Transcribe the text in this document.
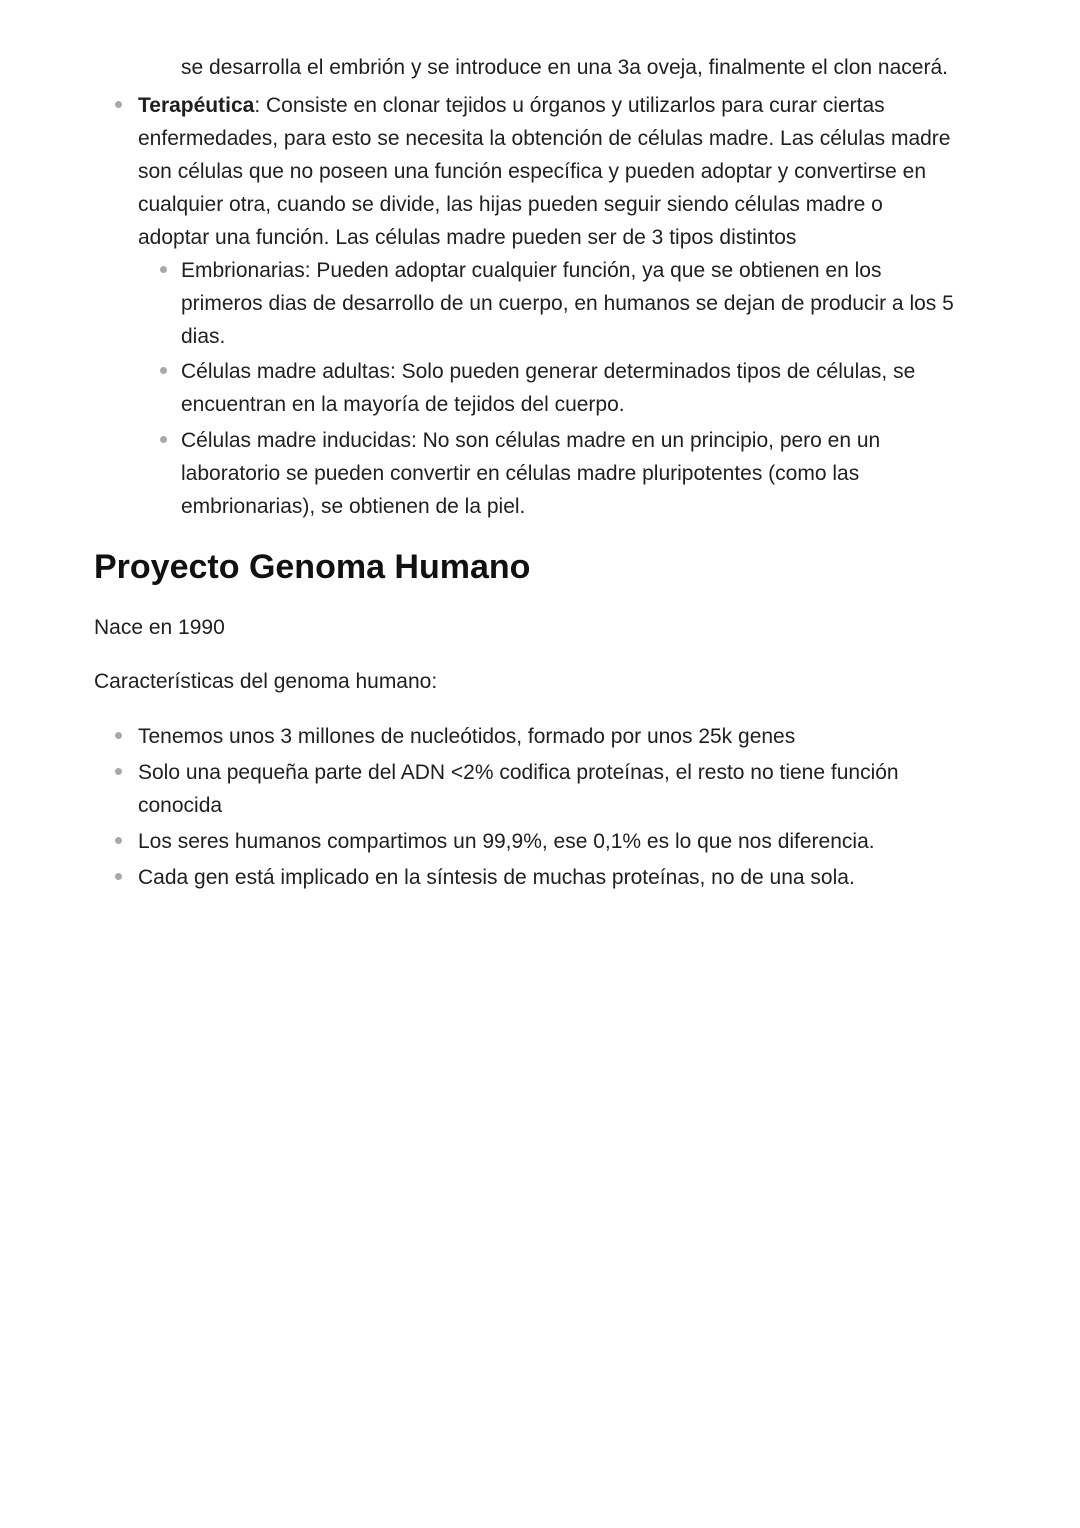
se desarrolla el embrión y se introduce en una 3a oveja, finalmente el clon nacerá.

Terapéutica: Consiste en clonar tejidos u órganos y utilizarlos para curar ciertas

enfermedades, para esto se necesita la obtención de células madre. Las células madre

son células que no poseen una función específica y pueden adoptar y convertirse en

cualquier otra, cuando se divide, las hijas pueden seguir siendo células madre o

adoptar una función. Las células madre pueden ser de 3 tipos distintos

Embrionarias: Pueden adoptar cualquier función, ya que se obtienen en los

primeros dias de desarrollo de un cuerpo, en humanos se dejan de producir a los 5

dias.

Células madre adultas: Solo pueden generar determinados tipos de células, se

encuentran en la mayoría de tejidos del cuerpo.

Células madre inducidas: No son células madre en un principio, pero en un

laboratorio se pueden convertir en células madre pluripotentes (como las

embrionarias), se obtienen de la piel.

Proyecto Genoma Humano

Nace en 1990

Características del genoma humano:

Tenemos unos 3 millones de nucleótidos, formado por unos 25k genes

Solo una pequeña parte del ADN <2% codifica proteínas, el resto no tiene función

conocida

Los seres humanos compartimos un 99,9%, ese 0,1% es lo que nos diferencia.

Cada gen está implicado en la síntesis de muchas proteínas, no de una sola.
